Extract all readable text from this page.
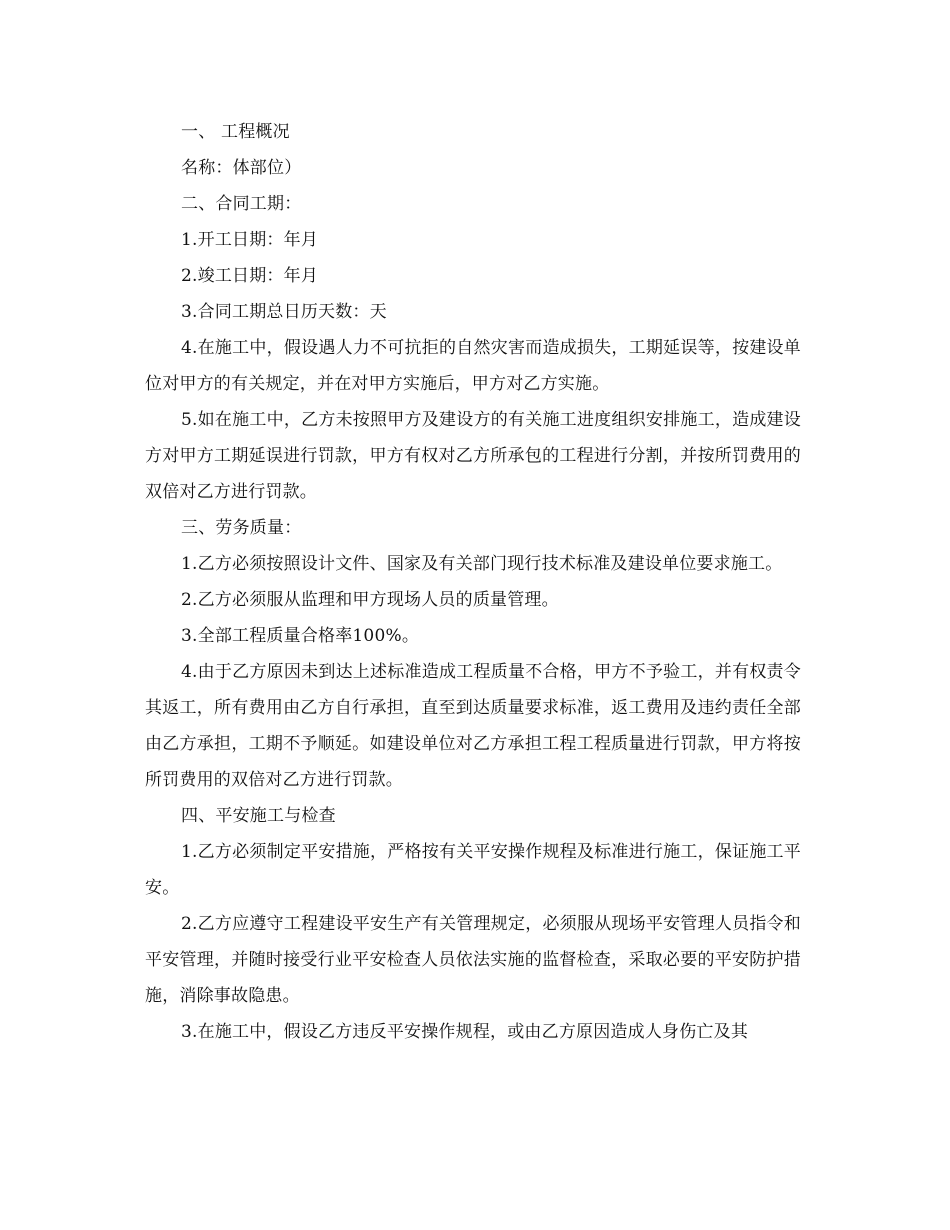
一、 工程概况

名称：体部位）

二、合同工期：

1.开工日期：年月

2.竣工日期：年月

3.合同工期总日历天数：天

4.在施工中，假设遇人力不可抗拒的自然灾害而造成损失，工期延误等，按建设单位对甲方的有关规定，并在对甲方实施后，甲方对乙方实施。

5.如在施工中，乙方未按照甲方及建设方的有关施工进度组织安排施工，造成建设方对甲方工期延误进行罚款，甲方有权对乙方所承包的工程进行分割，并按所罚费用的双倍对乙方进行罚款。

三、劳务质量：

1.乙方必须按照设计文件、国家及有关部门现行技术标准及建设单位要求施工。

2.乙方必须服从监理和甲方现场人员的质量管理。

3.全部工程质量合格率100%。

4.由于乙方原因未到达上述标准造成工程质量不合格，甲方不予验工，并有权责令其返工，所有费用由乙方自行承担，直至到达质量要求标准，返工费用及违约责任全部由乙方承担，工期不予顺延。如建设单位对乙方承担工程工程质量进行罚款，甲方将按所罚费用的双倍对乙方进行罚款。

四、平安施工与检查

1.乙方必须制定平安措施，严格按有关平安操作规程及标准进行施工，保证施工平安。

2.乙方应遵守工程建设平安生产有关管理规定，必须服从现场平安管理人员指令和平安管理，并随时接受行业平安检查人员依法实施的监督检查，采取必要的平安防护措施，消除事故隐患。

3.在施工中，假设乙方违反平安操作规程，或由乙方原因造成人身伤亡及其
